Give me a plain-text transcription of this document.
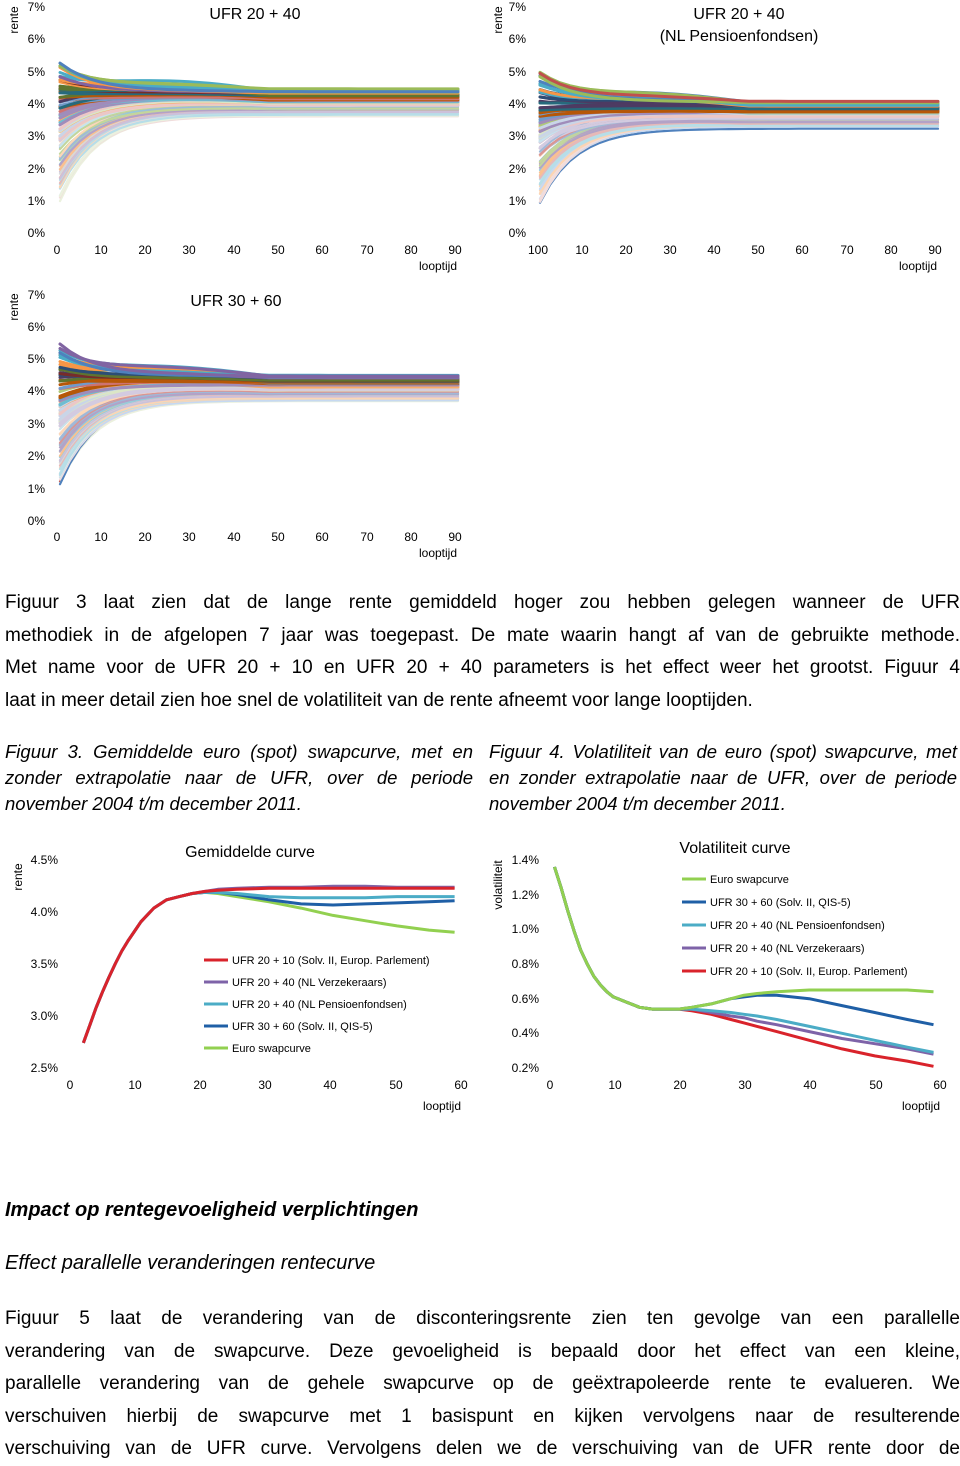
rente	UFR 20 + 40
0%
1%
2%
3%
4%
5%
6%
7%
0	10	20	30	40	50	60	70	80	90
looptijd
rente	UFR 20 + 40
(NL Pensioenfondsen)
0%
1%
2%
3%
4%
5%
6%
7%
100 10	20	30	40	50	60	70	80	90
looptijd
rente	UFR 30 + 60
0%
1%
2%
3%
4%
5%
6%
7%
0	10	20	30	40	50	60	70	80	90
looptijd

Figuur 3 laat zien dat de lange rente gemiddeld hoger zou hebben gelegen wanneer de UFR
methodiek in de afgelopen 7 jaar was toegepast. De mate waarin hangt af van de gebruikte methode.
Met name voor de UFR 20 + 10 en UFR 20 + 40 parameters is het effect weer het grootst. Figuur 4
laat in meer detail zien hoe snel de volatiliteit van de rente afneemt voor lange looptijden.

Figuur 3. Gemiddelde euro (spot) swapcurve, met en zonder extrapolatie naar de UFR, over de periode november 2004 t/m december 2011.

Figuur 4. Volatiliteit van de euro (spot) swapcurve, met en zonder extrapolatie naar de UFR, over de periode november 2004 t/m december 2011.

rente
Gemiddelde curve
2.5%
3.0%
3.5%
4.0%
4.5%
0	10	20	30	40	50	60
looptijd
UFR 20 + 10 (Solv. II, Europ. Parlement)
UFR 20 + 40 (NL Verzekeraars)
UFR 20 + 40 (NL Pensioenfondsen)
UFR 30 + 60 (Solv. II, QIS-5)
Euro swapcurve
volatiliteit
Volatiliteit curve
0.2%
0.4%
0.6%
0.8%
1.0%
1.2%
1.4%
0	10	20	30	40	50	60
looptijd
Euro swapcurve
UFR 30 + 60 (Solv. II, QIS-5)
UFR 20 + 40 (NL Pensioenfondsen)
UFR 20 + 40 (NL Verzekeraars)
UFR 20 + 10 (Solv. II, Europ. Parlement)

Impact op rentegevoeligheid verplichtingen

Effect parallelle veranderingen rentecurve

Figuur 5 laat de verandering van de disconteringsrente zien ten gevolge van een parallelle
verandering van de swapcurve. Deze gevoeligheid is bepaald door het effect van een kleine,
parallelle verandering van de gehele swapcurve op de geëxtrapoleerde rente te evalueren. We
verschuiven hierbij de swapcurve met 1 basispunt en kijken vervolgens naar de resulterende
verschuiving van de UFR curve. Vervolgens delen we de verschuiving van de UFR rente door de
